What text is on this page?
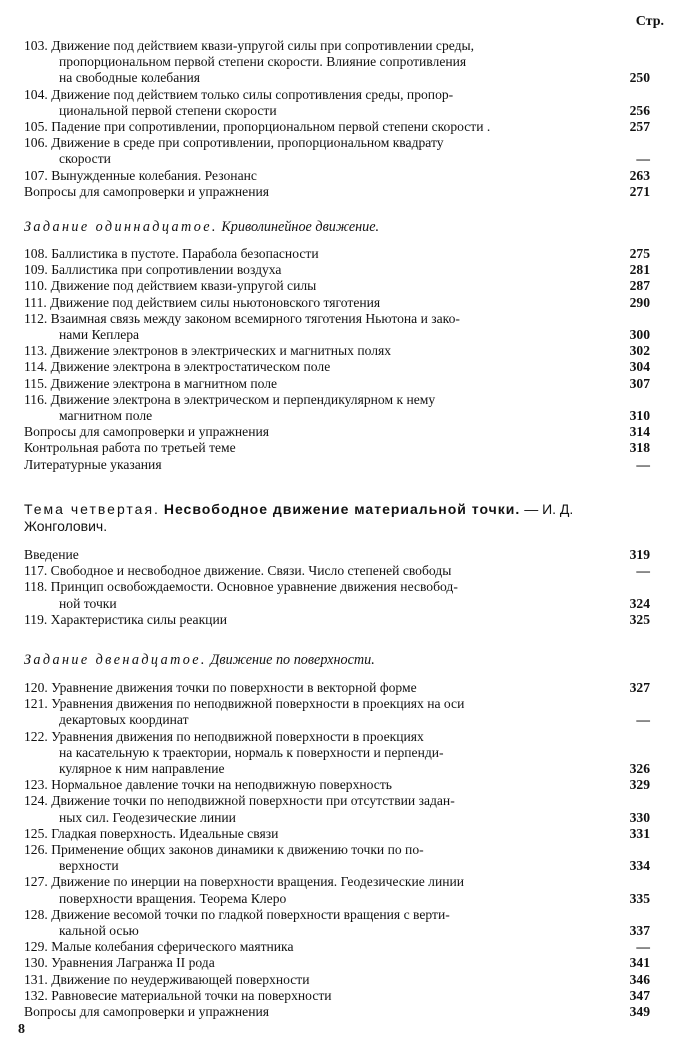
Стр.
Задание одиннадцатое. Криволинейное движение.
Тема четвертая. Несвободное движение материальной точки. — И. Д. Жонголович.
Задание двенадцатое. Движение по поверхности.
8
103. Движение под действием квази-упругой силы при сопротивлении среды,
пропорциональном первой степени скорости. Влияние сопротивления
на свободные колебания	250
104. Движение под действием только силы сопротивления среды, пропор-
циональной первой степени скорости	256
105. Падение при сопротивлении, пропорциональном первой степени скорости .	257
106. Движение в среде при сопротивлении, пропорциональном квадрату
скорости	—
107. Вынужденные колебания. Резонанс	263
Вопросы для самопроверки и упражнения	271
108. Баллистика в пустоте. Парабола безопасности	275
109. Баллистика при сопротивлении воздуха	281
110. Движение под действием квази-упругой силы	287
111. Движение под действием силы ньютоновского тяготения	290
112. Взаимная связь между законом всемирного тяготения Ньютона и зако-
нами Кеплера	300
113. Движение электронов в электрических и магнитных полях	302
114. Движение электрона в электростатическом поле	304
115. Движение электрона в магнитном поле	307
116. Движение электрона в электрическом и перпендикулярном к нему
магнитном поле	310
Вопросы для самопроверки и упражнения	314
Контрольная работа по третьей теме	318
Литературные указания	—
Введение	319
117. Свободное и несвободное движение. Связи. Число степеней свободы	—
118. Принцип освобождаемости. Основное уравнение движения несвобод-
ной точки	324
119. Характеристика силы реакции	325
120. Уравнение движения точки по поверхности в векторной форме	327
121. Уравнения движения по неподвижной поверхности в проекциях на оси
декартовых координат	—
122. Уравнения движения по неподвижной поверхности в проекциях
на касательную к траектории, нормаль к поверхности и перпенди-
кулярное к ним направление	326
123. Нормальное давление точки на неподвижную поверхность	329
124. Движение точки по неподвижной поверхности при отсутствии задан-
ных сил. Геодезические линии	330
125. Гладкая поверхность. Идеальные связи	331
126. Применение общих законов динамики к движению точки по по-
верхности	334
127. Движение по инерции на поверхности вращения. Геодезические линии
поверхности вращения. Теорема Клеро	335
128. Движение весомой точки по гладкой поверхности вращения с верти-
кальной осью	337
129. Малые колебания сферического маятника	—
130. Уравнения Лагранжа II рода	341
131. Движение по неудерживающей поверхности	346
132. Равновесие материальной точки на поверхности	347
Вопросы для самопроверки и упражнения	349
